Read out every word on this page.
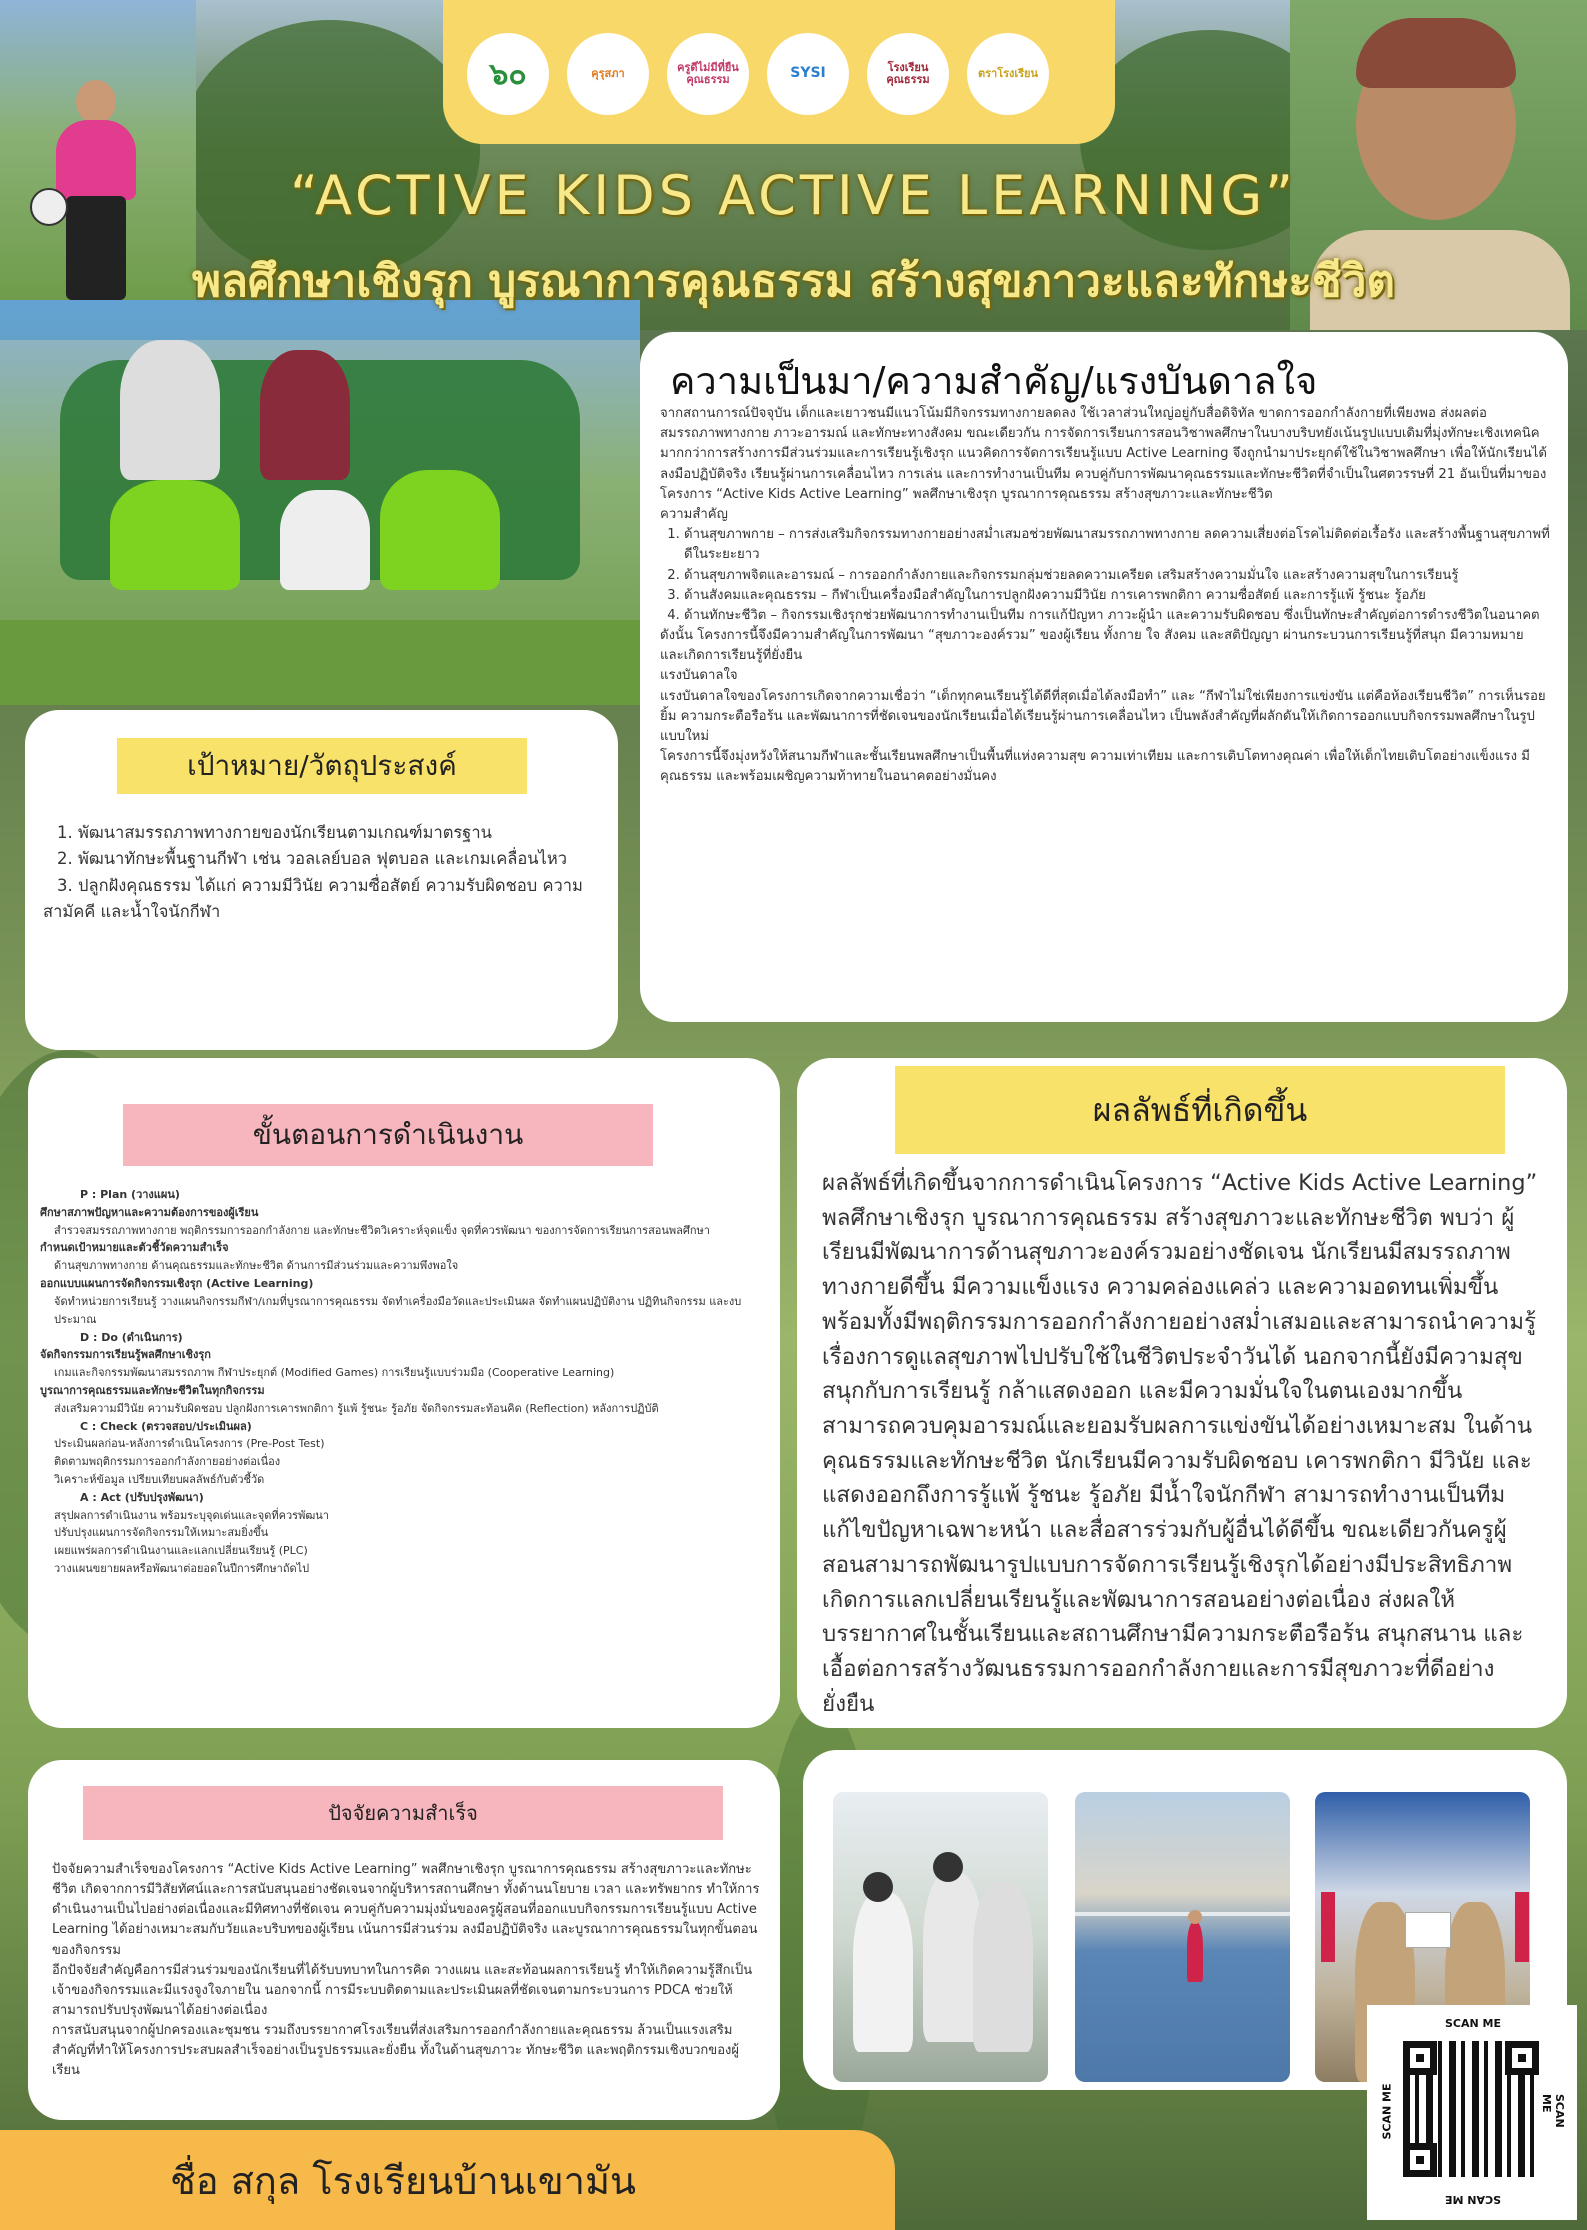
๖๐	คุรุสภา	ครูดีไม่มีที่ยืน คุณธรรม	SYSI	โรงเรียนคุณธรรม	ตราโรงเรียน
“ACTIVE KIDS ACTIVE LEARNING”
พลศึกษาเชิงรุก บูรณาการคุณธรรม สร้างสุขภาวะและทักษะชีวิต
ความเป็นมา/ความสำคัญ/แรงบันดาลใจ
จากสถานการณ์ปัจจุบัน เด็กและเยาวชนมีแนวโน้มมีกิจกรรมทางกายลดลง ใช้เวลาส่วนใหญ่อยู่กับสื่อดิจิทัล ขาดการออกกำลังกายที่เพียงพอ ส่งผลต่อสมรรถภาพทางกาย ภาวะอารมณ์ และทักษะทางสังคม ขณะเดียวกัน การจัดการเรียนการสอนวิชาพลศึกษาในบางบริบทยังเน้นรูปแบบเดิมที่มุ่งทักษะเชิงเทคนิคมากกว่าการสร้างการมีส่วนร่วมและการเรียนรู้เชิงรุก แนวคิดการจัดการเรียนรู้แบบ Active Learning จึงถูกนำมาประยุกต์ใช้ในวิชาพลศึกษา เพื่อให้นักเรียนได้ลงมือปฏิบัติจริง เรียนรู้ผ่านการเคลื่อนไหว การเล่น และการทำงานเป็นทีม ควบคู่กับการพัฒนาคุณธรรมและทักษะชีวิตที่จำเป็นในศตวรรษที่ 21 อันเป็นที่มาของโครงการ “Active Kids Active Learning” พลศึกษาเชิงรุก บูรณาการคุณธรรม สร้างสุขภาวะและทักษะชีวิต
ความสำคัญ
1. ด้านสุขภาพกาย – การส่งเสริมกิจกรรมทางกายอย่างสม่ำเสมอช่วยพัฒนาสมรรถภาพทางกาย ลดความเสี่ยงต่อโรคไม่ติดต่อเรื้อรัง และสร้างพื้นฐานสุขภาพที่ดีในระยะยาว
2. ด้านสุขภาพจิตและอารมณ์ – การออกกำลังกายและกิจกรรมกลุ่มช่วยลดความเครียด เสริมสร้างความมั่นใจ และสร้างความสุขในการเรียนรู้
3. ด้านสังคมและคุณธรรม – กีฬาเป็นเครื่องมือสำคัญในการปลูกฝังความมีวินัย การเคารพกติกา ความซื่อสัตย์ และการรู้แพ้ รู้ชนะ รู้อภัย
4. ด้านทักษะชีวิต – กิจกรรมเชิงรุกช่วยพัฒนาการทำงานเป็นทีม การแก้ปัญหา ภาวะผู้นำ และความรับผิดชอบ ซึ่งเป็นทักษะสำคัญต่อการดำรงชีวิตในอนาคต
ดังนั้น โครงการนี้จึงมีความสำคัญในการพัฒนา “สุขภาวะองค์รวม” ของผู้เรียน ทั้งกาย ใจ สังคม และสติปัญญา ผ่านกระบวนการเรียนรู้ที่สนุก มีความหมาย และเกิดการเรียนรู้ที่ยั่งยืน
แรงบันดาลใจ
แรงบันดาลใจของโครงการเกิดจากความเชื่อว่า “เด็กทุกคนเรียนรู้ได้ดีที่สุดเมื่อได้ลงมือทำ” และ “กีฬาไม่ใช่เพียงการแข่งขัน แต่คือห้องเรียนชีวิต” การเห็นรอยยิ้ม ความกระตือรือร้น และพัฒนาการที่ชัดเจนของนักเรียนเมื่อได้เรียนรู้ผ่านการเคลื่อนไหว เป็นพลังสำคัญที่ผลักดันให้เกิดการออกแบบกิจกรรมพลศึกษาในรูปแบบใหม่
โครงการนี้จึงมุ่งหวังให้สนามกีฬาและชั้นเรียนพลศึกษาเป็นพื้นที่แห่งความสุข ความเท่าเทียม และการเติบโตทางคุณค่า เพื่อให้เด็กไทยเติบโตอย่างแข็งแรง มีคุณธรรม และพร้อมเผชิญความท้าทายในอนาคตอย่างมั่นคง
เป้าหมาย/วัตถุประสงค์
1. พัฒนาสมรรถภาพทางกายของนักเรียนตามเกณฑ์มาตรฐาน
2. พัฒนาทักษะพื้นฐานกีฬา เช่น วอลเลย์บอล ฟุตบอล และเกมเคลื่อนไหว
3. ปลูกฝังคุณธรรม ได้แก่ ความมีวินัย ความซื่อสัตย์ ความรับผิดชอบ ความสามัคคี และน้ำใจนักกีฬา
ขั้นตอนการดำเนินงาน
P : Plan (วางแผน)
ศึกษาสภาพปัญหาและความต้องการของผู้เรียน
สำรวจสมรรถภาพทางกาย พฤติกรรมการออกกำลังกาย และทักษะชีวิตวิเคราะห์จุดแข็ง จุดที่ควรพัฒนา ของการจัดการเรียนการสอนพลศึกษา
กำหนดเป้าหมายและตัวชี้วัดความสำเร็จ
ด้านสุขภาพทางกาย ด้านคุณธรรมและทักษะชีวิต ด้านการมีส่วนร่วมและความพึงพอใจ
ออกแบบแผนการจัดกิจกรรมเชิงรุก (Active Learning)
จัดทำหน่วยการเรียนรู้ วางแผนกิจกรรมกีฬา/เกมที่บูรณาการคุณธรรม จัดทำเครื่องมือวัดและประเมินผล จัดทำแผนปฏิบัติงาน ปฏิทินกิจกรรม และงบประมาณ
D : Do (ดำเนินการ)
จัดกิจกรรมการเรียนรู้พลศึกษาเชิงรุก
เกมและกิจกรรมพัฒนาสมรรถภาพ กีฬาประยุกต์ (Modified Games) การเรียนรู้แบบร่วมมือ (Cooperative Learning)
บูรณาการคุณธรรมและทักษะชีวิตในทุกกิจกรรม
ส่งเสริมความมีวินัย ความรับผิดชอบ ปลูกฝังการเคารพกติกา รู้แพ้ รู้ชนะ รู้อภัย จัดกิจกรรมสะท้อนคิด (Reflection) หลังการปฏิบัติ
C : Check (ตรวจสอบ/ประเมินผล)
ประเมินผลก่อน-หลังการดำเนินโครงการ (Pre-Post Test)
ติดตามพฤติกรรมการออกกำลังกายอย่างต่อเนื่อง
วิเคราะห์ข้อมูล เปรียบเทียบผลลัพธ์กับตัวชี้วัด
A : Act (ปรับปรุงพัฒนา)
สรุปผลการดำเนินงาน พร้อมระบุจุดเด่นและจุดที่ควรพัฒนา
ปรับปรุงแผนการจัดกิจกรรมให้เหมาะสมยิ่งขึ้น
เผยแพร่ผลการดำเนินงานและแลกเปลี่ยนเรียนรู้ (PLC)
วางแผนขยายผลหรือพัฒนาต่อยอดในปีการศึกษาถัดไป
ผลลัพธ์ที่เกิดขึ้น
ผลลัพธ์ที่เกิดขึ้นจากการดำเนินโครงการ “Active Kids Active Learning” พลศึกษาเชิงรุก บูรณาการคุณธรรม สร้างสุขภาวะและทักษะชีวิต พบว่า ผู้เรียนมีพัฒนาการด้านสุขภาวะองค์รวมอย่างชัดเจน นักเรียนมีสมรรถภาพทางกายดีขึ้น มีความแข็งแรง ความคล่องแคล่ว และความอดทนเพิ่มขึ้น พร้อมทั้งมีพฤติกรรมการออกกำลังกายอย่างสม่ำเสมอและสามารถนำความรู้เรื่องการดูแลสุขภาพไปปรับใช้ในชีวิตประจำวันได้ นอกจากนี้ยังมีความสุข สนุกกับการเรียนรู้ กล้าแสดงออก และมีความมั่นใจในตนเองมากขึ้น สามารถควบคุมอารมณ์และยอมรับผลการแข่งขันได้อย่างเหมาะสม ในด้านคุณธรรมและทักษะชีวิต นักเรียนมีความรับผิดชอบ เคารพกติกา มีวินัย และแสดงออกถึงการรู้แพ้ รู้ชนะ รู้อภัย มีน้ำใจนักกีฬา สามารถทำงานเป็นทีม แก้ไขปัญหาเฉพาะหน้า และสื่อสารร่วมกับผู้อื่นได้ดีขึ้น ขณะเดียวกันครูผู้สอนสามารถพัฒนารูปแบบการจัดการเรียนรู้เชิงรุกได้อย่างมีประสิทธิภาพ เกิดการแลกเปลี่ยนเรียนรู้และพัฒนาการสอนอย่างต่อเนื่อง ส่งผลให้บรรยากาศในชั้นเรียนและสถานศึกษามีความกระตือรือร้น สนุกสนาน และเอื้อต่อการสร้างวัฒนธรรมการออกกำลังกายและการมีสุขภาวะที่ดีอย่างยั่งยืน
ปัจจัยความสำเร็จ
ปัจจัยความสำเร็จของโครงการ “Active Kids Active Learning” พลศึกษาเชิงรุก บูรณาการคุณธรรม สร้างสุขภาวะและทักษะชีวิต เกิดจากการมีวิสัยทัศน์และการสนับสนุนอย่างชัดเจนจากผู้บริหารสถานศึกษา ทั้งด้านนโยบาย เวลา และทรัพยากร ทำให้การดำเนินงานเป็นไปอย่างต่อเนื่องและมีทิศทางที่ชัดเจน ควบคู่กับความมุ่งมั่นของครูผู้สอนที่ออกแบบกิจกรรมการเรียนรู้แบบ Active Learning ได้อย่างเหมาะสมกับวัยและบริบทของผู้เรียน เน้นการมีส่วนร่วม ลงมือปฏิบัติจริง และบูรณาการคุณธรรมในทุกขั้นตอนของกิจกรรม
อีกปัจจัยสำคัญคือการมีส่วนร่วมของนักเรียนที่ได้รับบทบาทในการคิด วางแผน และสะท้อนผลการเรียนรู้ ทำให้เกิดความรู้สึกเป็นเจ้าของกิจกรรมและมีแรงจูงใจภายใน นอกจากนี้ การมีระบบติดตามและประเมินผลที่ชัดเจนตามกระบวนการ PDCA ช่วยให้สามารถปรับปรุงพัฒนาได้อย่างต่อเนื่อง
การสนับสนุนจากผู้ปกครองและชุมชน รวมถึงบรรยากาศโรงเรียนที่ส่งเสริมการออกกำลังกายและคุณธรรม ล้วนเป็นแรงเสริมสำคัญที่ทำให้โครงการประสบผลสำเร็จอย่างเป็นรูปธรรมและยั่งยืน ทั้งในด้านสุขภาวะ ทักษะชีวิต และพฤติกรรมเชิงบวกของผู้เรียน
SCAN ME
SCAN ME
SCAN ME	SCAN ME
ชื่อ สกุล โรงเรียนบ้านเขามัน
